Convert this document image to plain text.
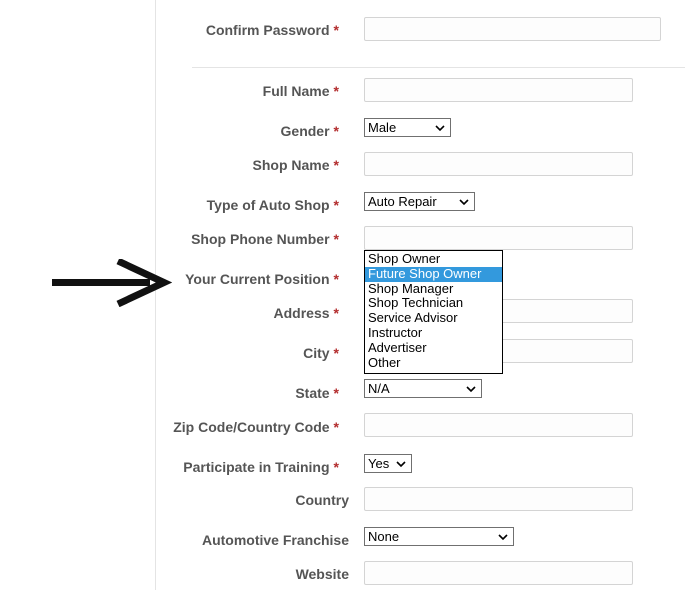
Confirm Password *
Full Name *
Gender * Male
Shop Name *
Type of Auto Shop * Auto Repair
Shop Phone Number *
Your Current Position *
Address *
City *
Shop Owner
Future Shop Owner
Shop Manager
Shop Technician
Service Advisor
Instructor
Advertiser
Other
State * N/A
Zip Code/Country Code *
Participate in Training * Yes
Country
Automotive Franchise None
Website
